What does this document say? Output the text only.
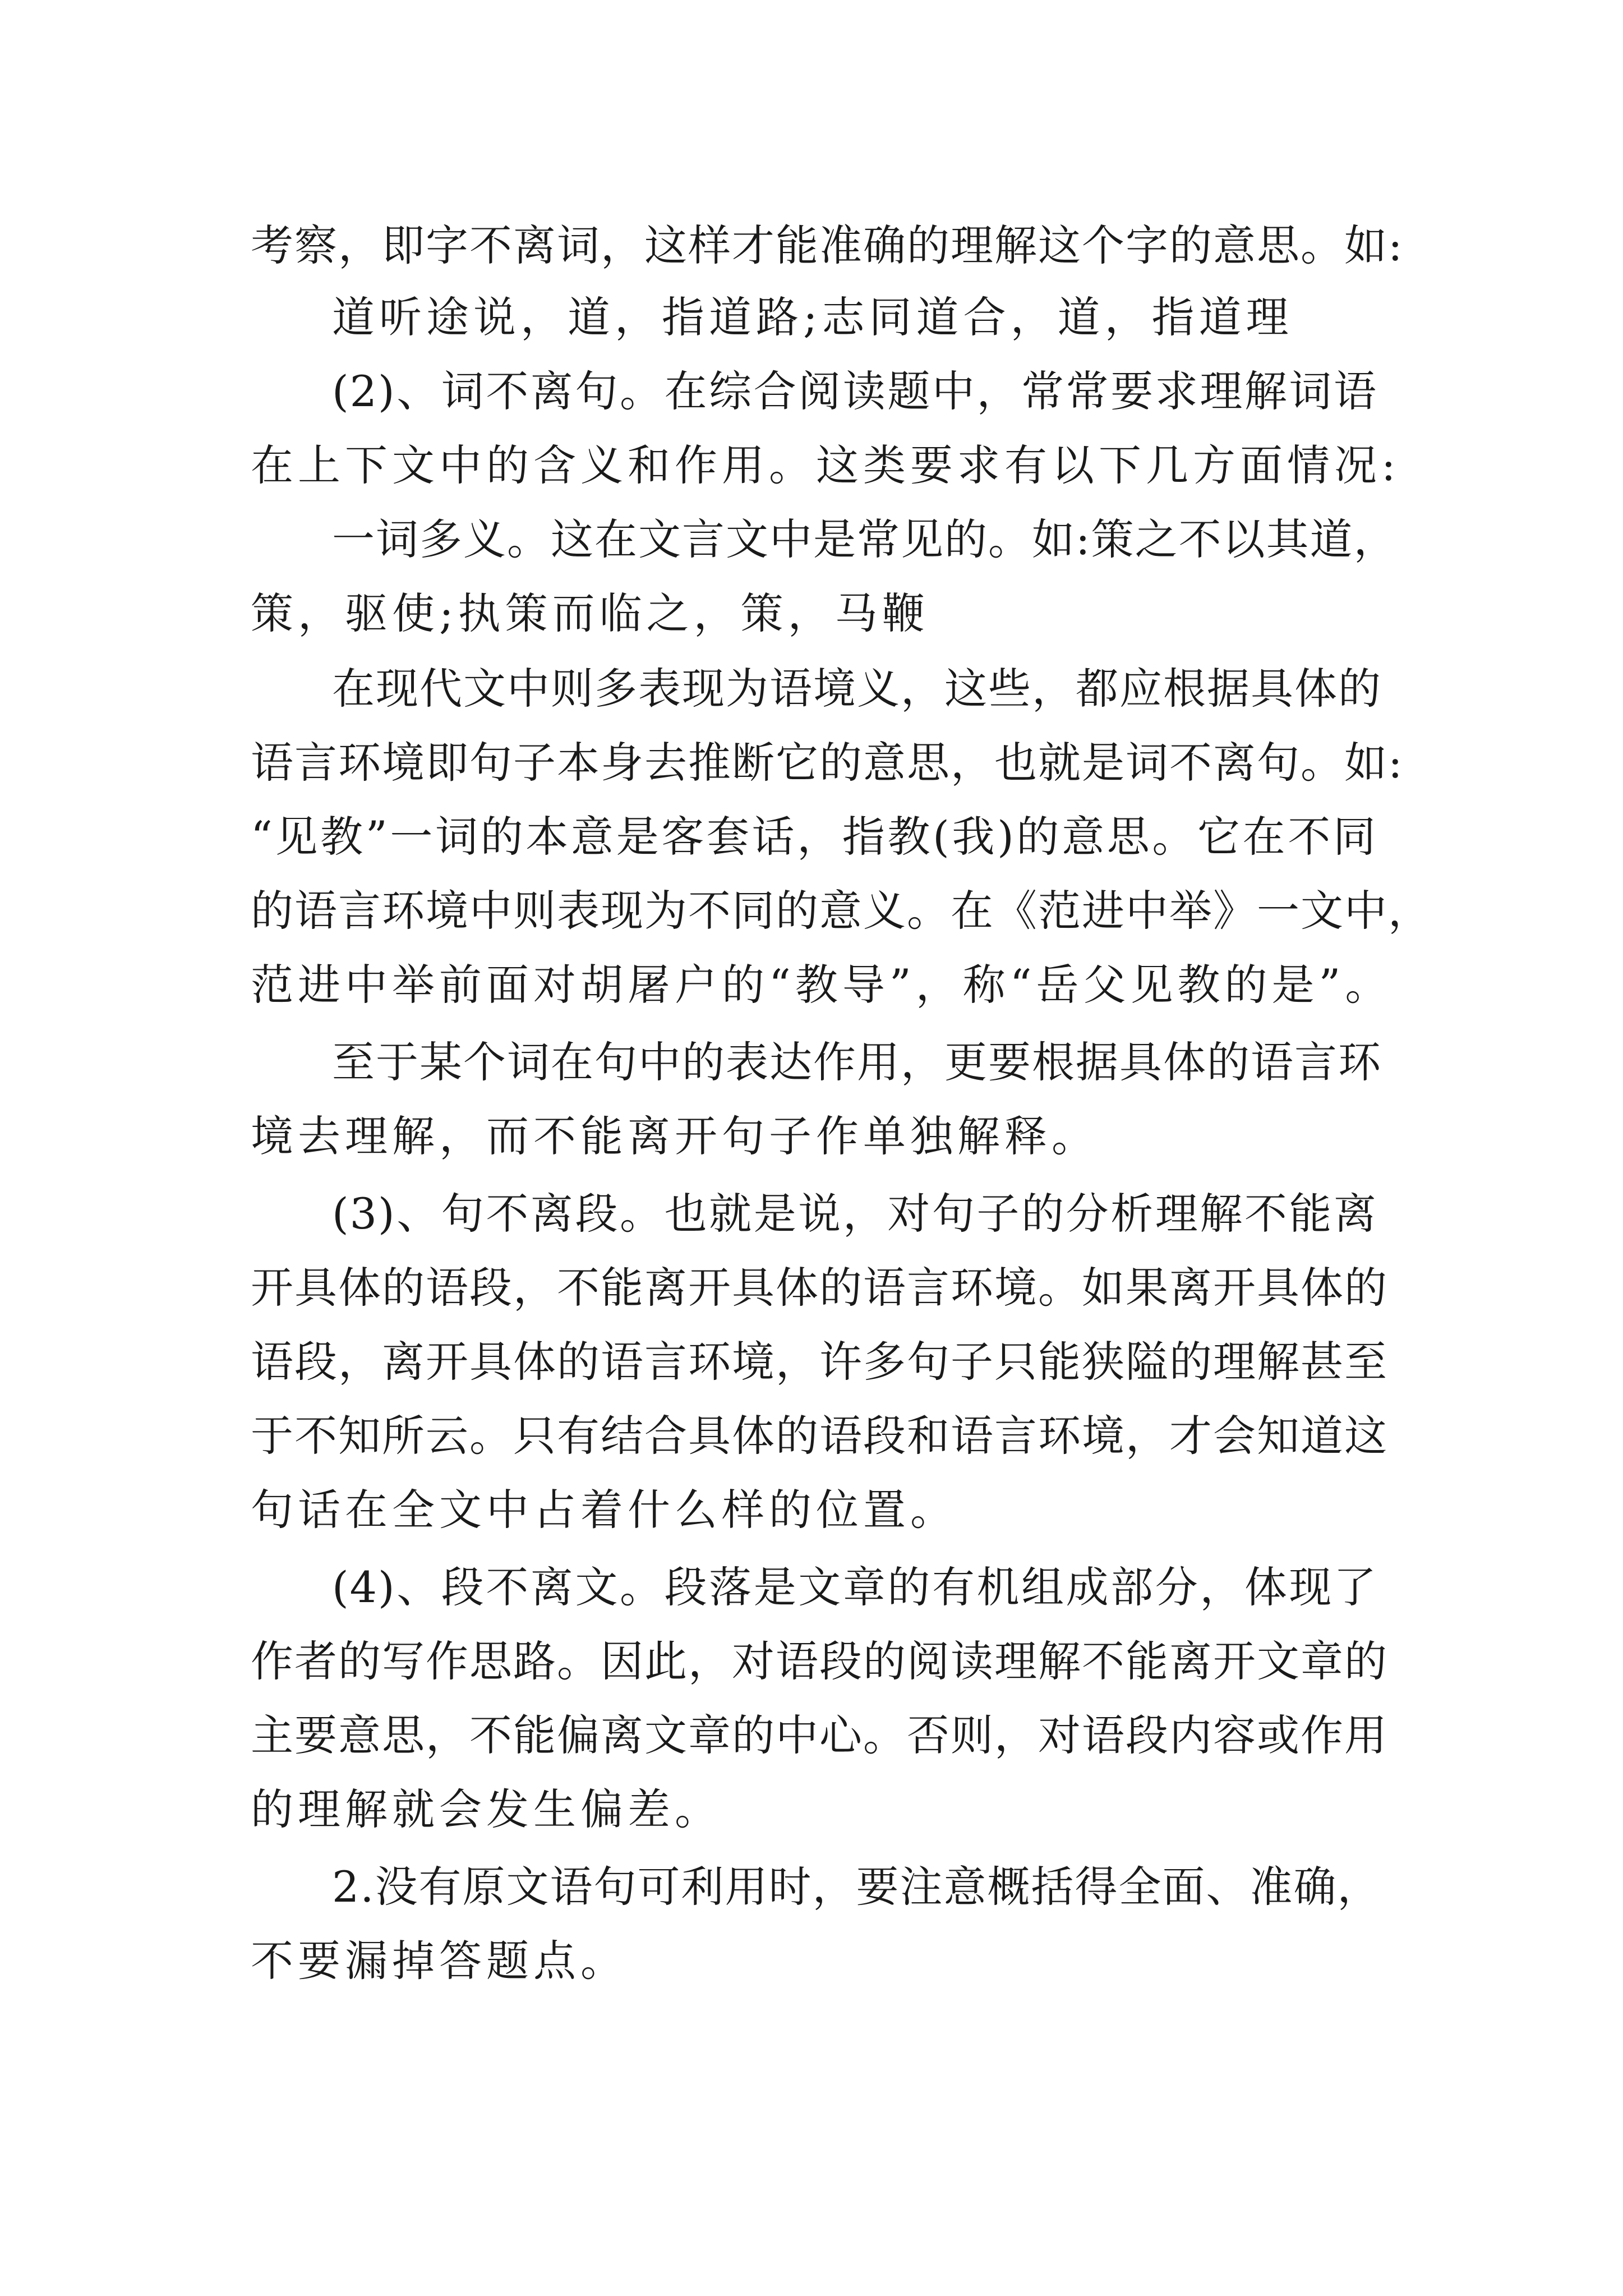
考察，即字不离词，这样才能准确的理解这个字的意思。如:

道听途说，道，指道路;志同道合，道，指道理

(2)、词不离句。在综合阅读题中，常常要求理解词语

在上下文中的含义和作用。这类要求有以下几方面情况:

一词多义。这在文言文中是常见的。如:策之不以其道，

策，驱使;执策而临之，策，马鞭

在现代文中则多表现为语境义，这些，都应根据具体的

语言环境即句子本身去推断它的意思，也就是词不离句。如:

“见教”一词的本意是客套话，指教(我)的意思。它在不同

的语言环境中则表现为不同的意义。在《范进中举》一文中，

范进中举前面对胡屠户的“教导”，称“岳父见教的是”。

至于某个词在句中的表达作用，更要根据具体的语言环

境去理解，而不能离开句子作单独解释。

(3)、句不离段。也就是说，对句子的分析理解不能离

开具体的语段，不能离开具体的语言环境。如果离开具体的

语段，离开具体的语言环境，许多句子只能狭隘的理解甚至

于不知所云。只有结合具体的语段和语言环境，才会知道这

句话在全文中占着什么样的位置。

(4)、段不离文。段落是文章的有机组成部分，体现了

作者的写作思路。因此，对语段的阅读理解不能离开文章的

主要意思，不能偏离文章的中心。否则，对语段内容或作用

的理解就会发生偏差。

2.没有原文语句可利用时，要注意概括得全面、准确，

不要漏掉答题点。
